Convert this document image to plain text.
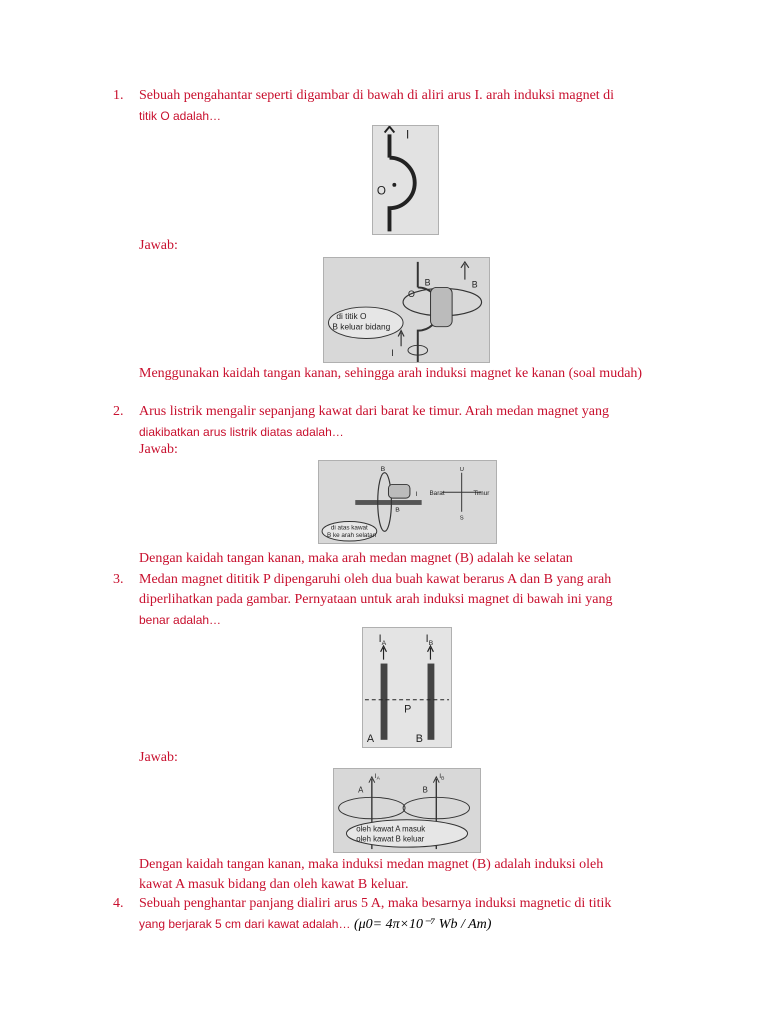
1. Sebuah pengahantar seperti digambar di bawah di aliri arus I. arah induksi magnet di
titik O adalah…
I
O
Jawab:
O
B	B
I
di titik O
B keluar bidang
Menggunakan kaidah tangan kanan, sehingga arah induksi magnet ke kanan (soal mudah)
2. Arus listrik mengalir sepanjang kawat dari barat ke timur. Arah medan magnet yang
diakibatkan arus listrik diatas adalah…
Jawab:
B
B
I
U
S
Barat	Timur
di atas kawat
B ke arah selatan
Dengan kaidah tangan kanan, maka arah medan magnet (B) adalah ke selatan
3. Medan magnet dititik P dipengaruhi oleh dua buah kawat berarus A dan B yang arah
diperlihatkan pada gambar. Pernyataan untuk arah induksi magnet di bawah ini yang
benar adalah…
$I_A$	$I_B$
P
A	B
Jawab:
$I_A$	$I_B$
A	B
oleh kawat A masuk
oleh kawat B keluar
Dengan kaidah tangan kanan, maka induksi medan magnet (B) adalah induksi oleh
kawat A masuk bidang dan oleh kawat B keluar.
4. Sebuah penghantar panjang dialiri arus 5 A, maka besarnya induksi magnetic di titik
yang berjarak 5 cm dari kawat adalah… (μ0= 4π×10⁻⁷ Wb / Am)
